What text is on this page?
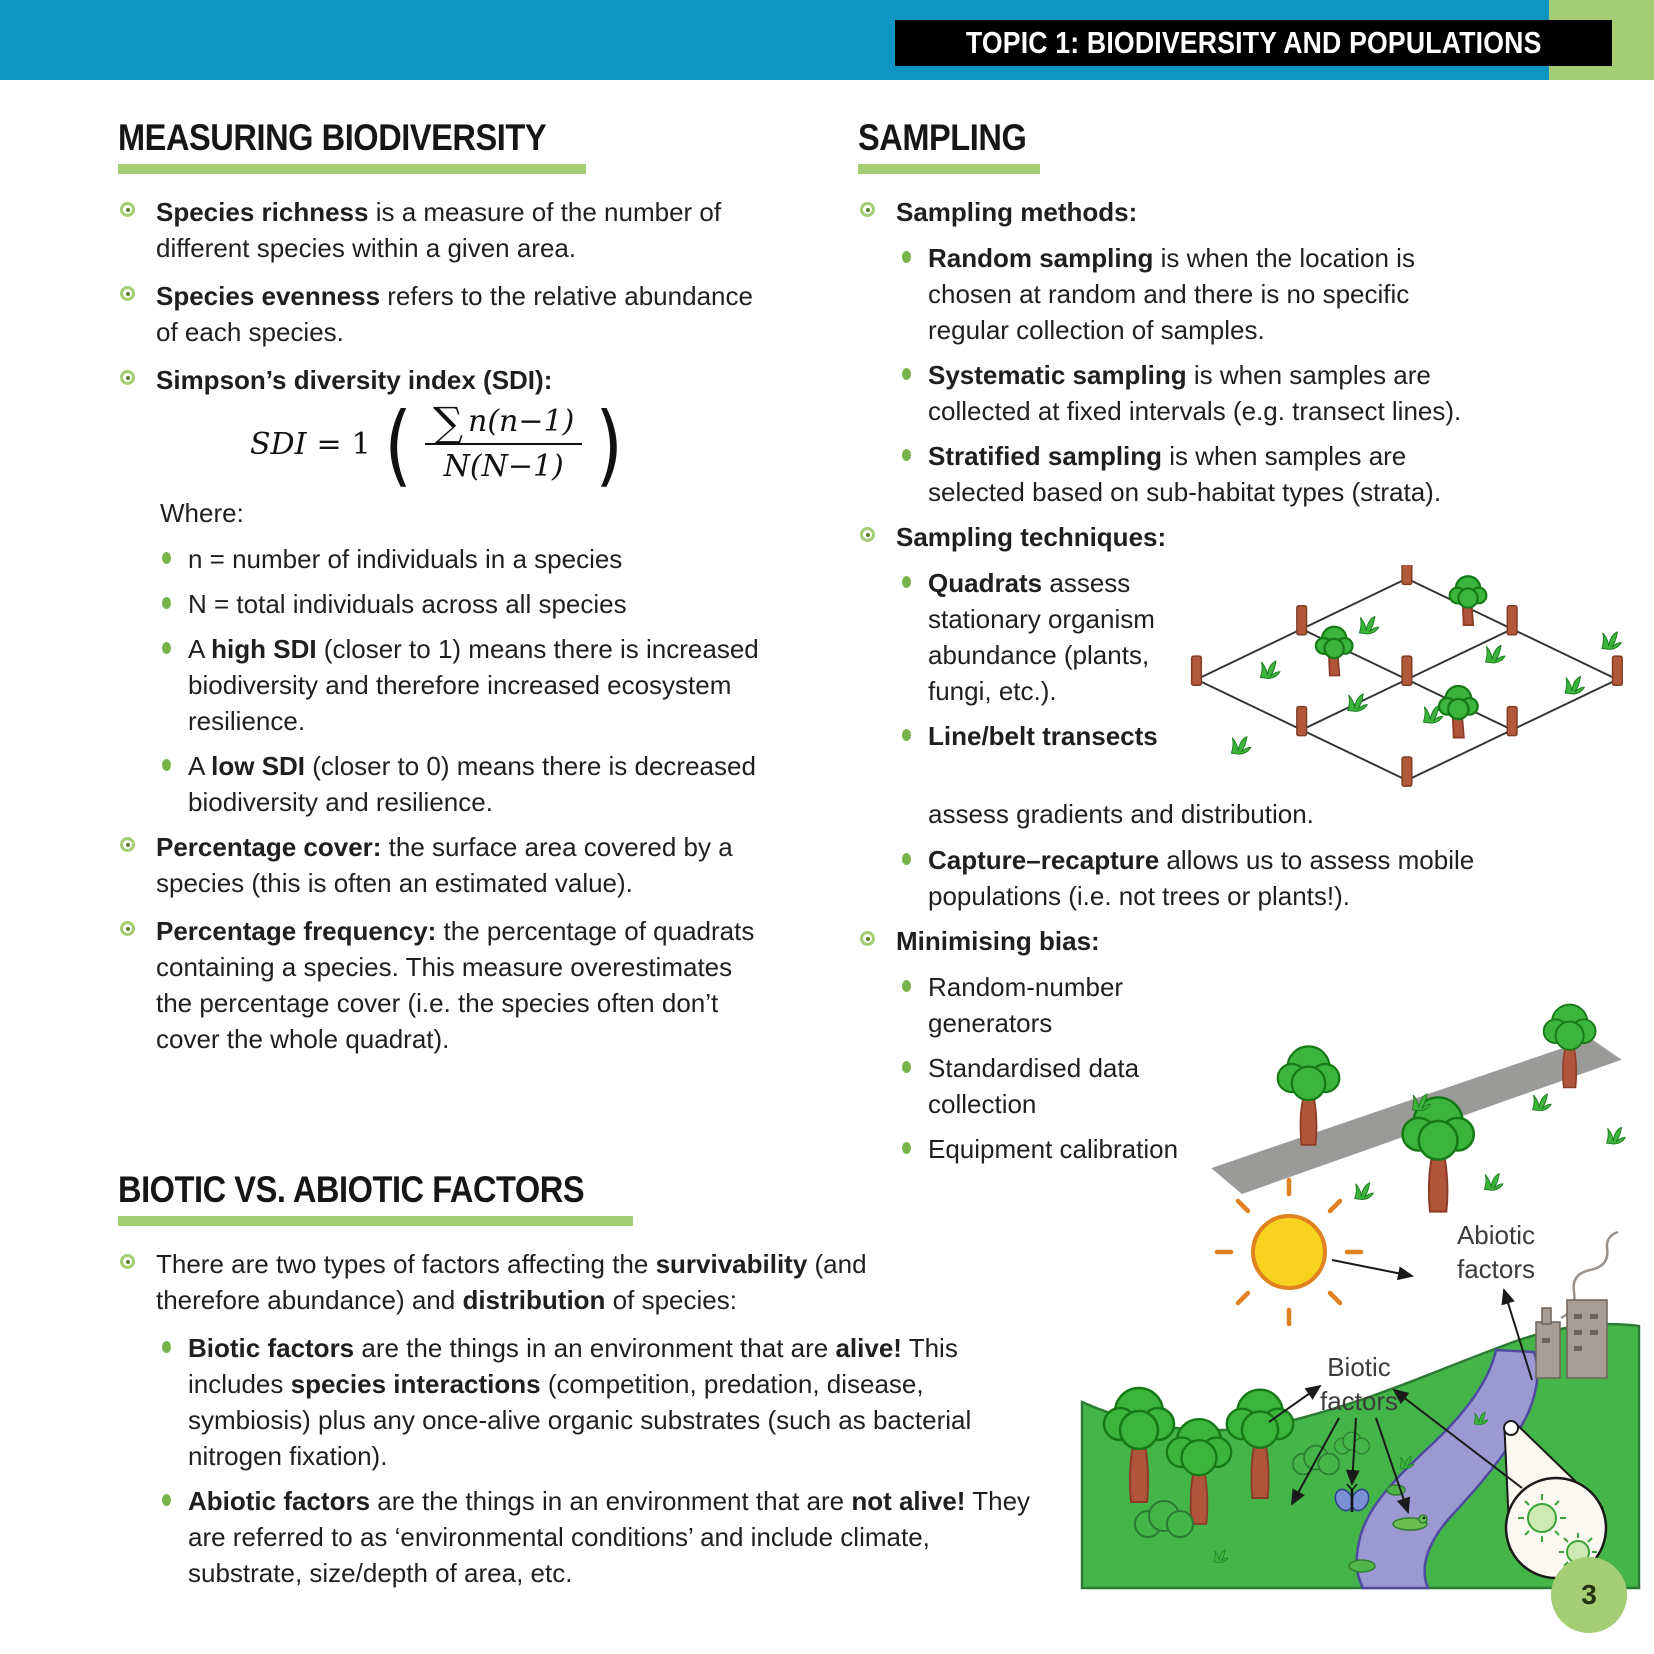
TOPIC 1: BIODIVERSITY AND POPULATIONS
MEASURING BIODIVERSITY
Species richness is a measure of the number of different species within a given area.
Species evenness refers to the relative abundance of each species.
Simpson’s diversity index (SDI):
SDI = 1 ( $\frac{\sum n(n-1)}{N(N-1)}$ )
Where:
n = number of individuals in a species
N = total individuals across all species
A high SDI (closer to 1) means there is increased biodiversity and therefore increased ecosystem resilience.
A low SDI (closer to 0) means there is decreased biodiversity and resilience.
Percentage cover: the surface area covered by a species (this is often an estimated value).
Percentage frequency: the percentage of quadrats containing a species. This measure overestimates the percentage cover (i.e. the species often don’t cover the whole quadrat).
SAMPLING
Sampling methods:
Random sampling is when the location is chosen at random and there is no specific regular collection of samples.
Systematic sampling is when samples are collected at fixed intervals (e.g. transect lines).
Stratified sampling is when samples are selected based on sub-habitat types (strata).
Sampling techniques:
Quadrats assess stationary organism abundance (plants, fungi, etc.).
Line/belt transects
assess gradients and distribution.
Capture–recapture allows us to assess mobile populations (i.e. not trees or plants!).
Minimising bias:
Random-number generators
Standardised data collection
Equipment calibration
BIOTIC VS. ABIOTIC FACTORS
There are two types of factors affecting the survivability (and therefore abundance) and distribution of species:
Biotic factors are the things in an environment that are alive! This includes species interactions (competition, predation, disease, symbiosis) plus any once-alive organic substrates (such as bacterial nitrogen fixation).
Abiotic factors are the things in an environment that are not alive! They are referred to as ‘environmental conditions’ and include climate, substrate, size/depth of area, etc.
Abiotic
factors
Biotic
factors
3
